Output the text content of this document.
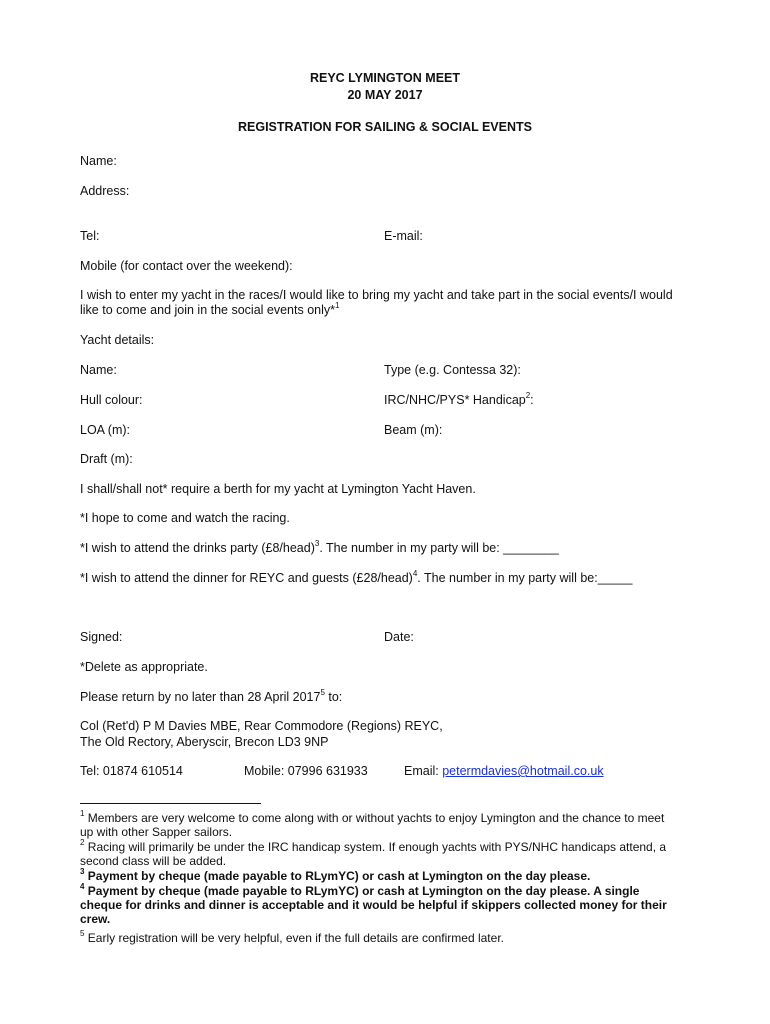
REYC LYMINGTON MEET
20 MAY 2017
REGISTRATION FOR SAILING & SOCIAL EVENTS
Name:
Address:
Tel:	E-mail:
Mobile (for contact over the weekend):
I wish to enter my yacht in the races/I would like to bring my yacht and take part in the social events/I would like to come and join in the social events only*$^1$
Yacht details:
Name:	Type (e.g. Contessa 32):
Hull colour:	IRC/NHC/PYS* Handicap$^2$:
LOA (m):	Beam (m):
Draft (m):
I shall/shall not* require a berth for my yacht at Lymington Yacht Haven.
*I hope to come and watch the racing.
*I wish to attend the drinks party (£8/head)$^3$. The number in my party will be: ________
*I wish to attend the dinner for REYC and guests (£28/head)$^4$. The number in my party will be:_____
Signed:	Date:
*Delete as appropriate.
Please return by no later than 28 April 2017$^5$ to:
Col (Ret'd) P M Davies MBE, Rear Commodore (Regions) REYC,
The Old Rectory, Aberyscir, Brecon LD3 9NP
Tel: 01874 610514	Mobile: 07996 631933	Email: petermdavies@hotmail.co.uk
$^1$ Members are very welcome to come along with or without yachts to enjoy Lymington and the chance to meet up with other Sapper sailors.
$^2$ Racing will primarily be under the IRC handicap system. If enough yachts with PYS/NHC handicaps attend, a second class will be added.
$^3$ Payment by cheque (made payable to RLymYC) or cash at Lymington on the day please.
$^4$ Payment by cheque (made payable to RLymYC) or cash at Lymington on the day please. A single cheque for drinks and dinner is acceptable and it would be helpful if skippers collected money for their crew.
$^5$ Early registration will be very helpful, even if the full details are confirmed later.
